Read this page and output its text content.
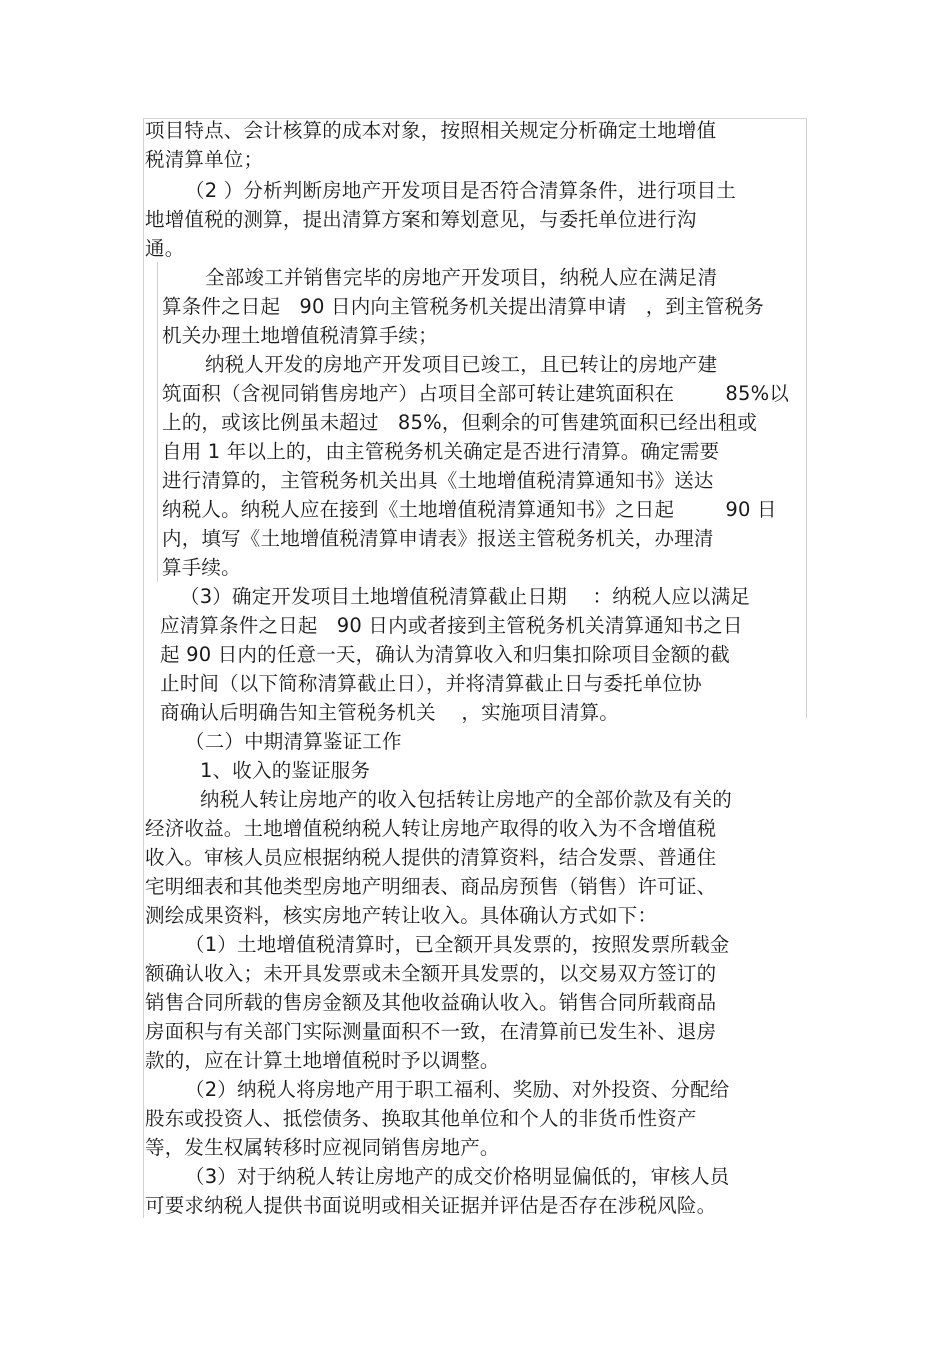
项目特点、会计核算的成本对象，按照相关规定分析确定土地增值
税清算单位；
（2 ）分析判断房地产开发项目是否符合清算条件，进行项目土
地增值税的测算，提出清算方案和筹划意见，与委托单位进行沟
通。
全部竣工并销售完毕的房地产开发项目，纳税人应在满足清
算条件之日起   90 日内向主管税务机关提出清算申请   ，到主管税务
机关办理土地增值税清算手续；
纳税人开发的房地产开发项目已竣工，且已转让的房地产建
筑面积（含视同销售房地产）占项目全部可转让建筑面积在        85%以
上的，或该比例虽未超过   85%，但剩余的可售建筑面积已经出租或
自用 1 年以上的，由主管税务机关确定是否进行清算。确定需要
进行清算的，主管税务机关出具《土地增值税清算通知书》送达
纳税人。纳税人应在接到《土地增值税清算通知书》之日起        90 日
内，填写《土地增值税清算申请表》报送主管税务机关，办理清
算手续。
（3）确定开发项目土地增值税清算截止日期    ：纳税人应以满足
应清算条件之日起   90 日内或者接到主管税务机关清算通知书之日
起 90 日内的任意一天，确认为清算收入和归集扣除项目金额的截
止时间（以下简称清算截止日），并将清算截止日与委托单位协
商确认后明确告知主管税务机关    ，实施项目清算。
（二）中期清算鉴证工作
1、收入的鉴证服务
纳税人转让房地产的收入包括转让房地产的全部价款及有关的
经济收益。土地增值税纳税人转让房地产取得的收入为不含增值税
收入。审核人员应根据纳税人提供的清算资料，结合发票、普通住
宅明细表和其他类型房地产明细表、商品房预售（销售）许可证、
测绘成果资料，核实房地产转让收入。具体确认方式如下：
（1）土地增值税清算时，已全额开具发票的，按照发票所载金
额确认收入；未开具发票或未全额开具发票的，以交易双方签订的
销售合同所载的售房金额及其他收益确认收入。销售合同所载商品
房面积与有关部门实际测量面积不一致，在清算前已发生补、退房
款的，应在计算土地增值税时予以调整。
（2）纳税人将房地产用于职工福利、奖励、对外投资、分配给
股东或投资人、抵偿债务、换取其他单位和个人的非货币性资产
等，发生权属转移时应视同销售房地产。
（3）对于纳税人转让房地产的成交价格明显偏低的，审核人员
可要求纳税人提供书面说明或相关证据并评估是否存在涉税风险。
